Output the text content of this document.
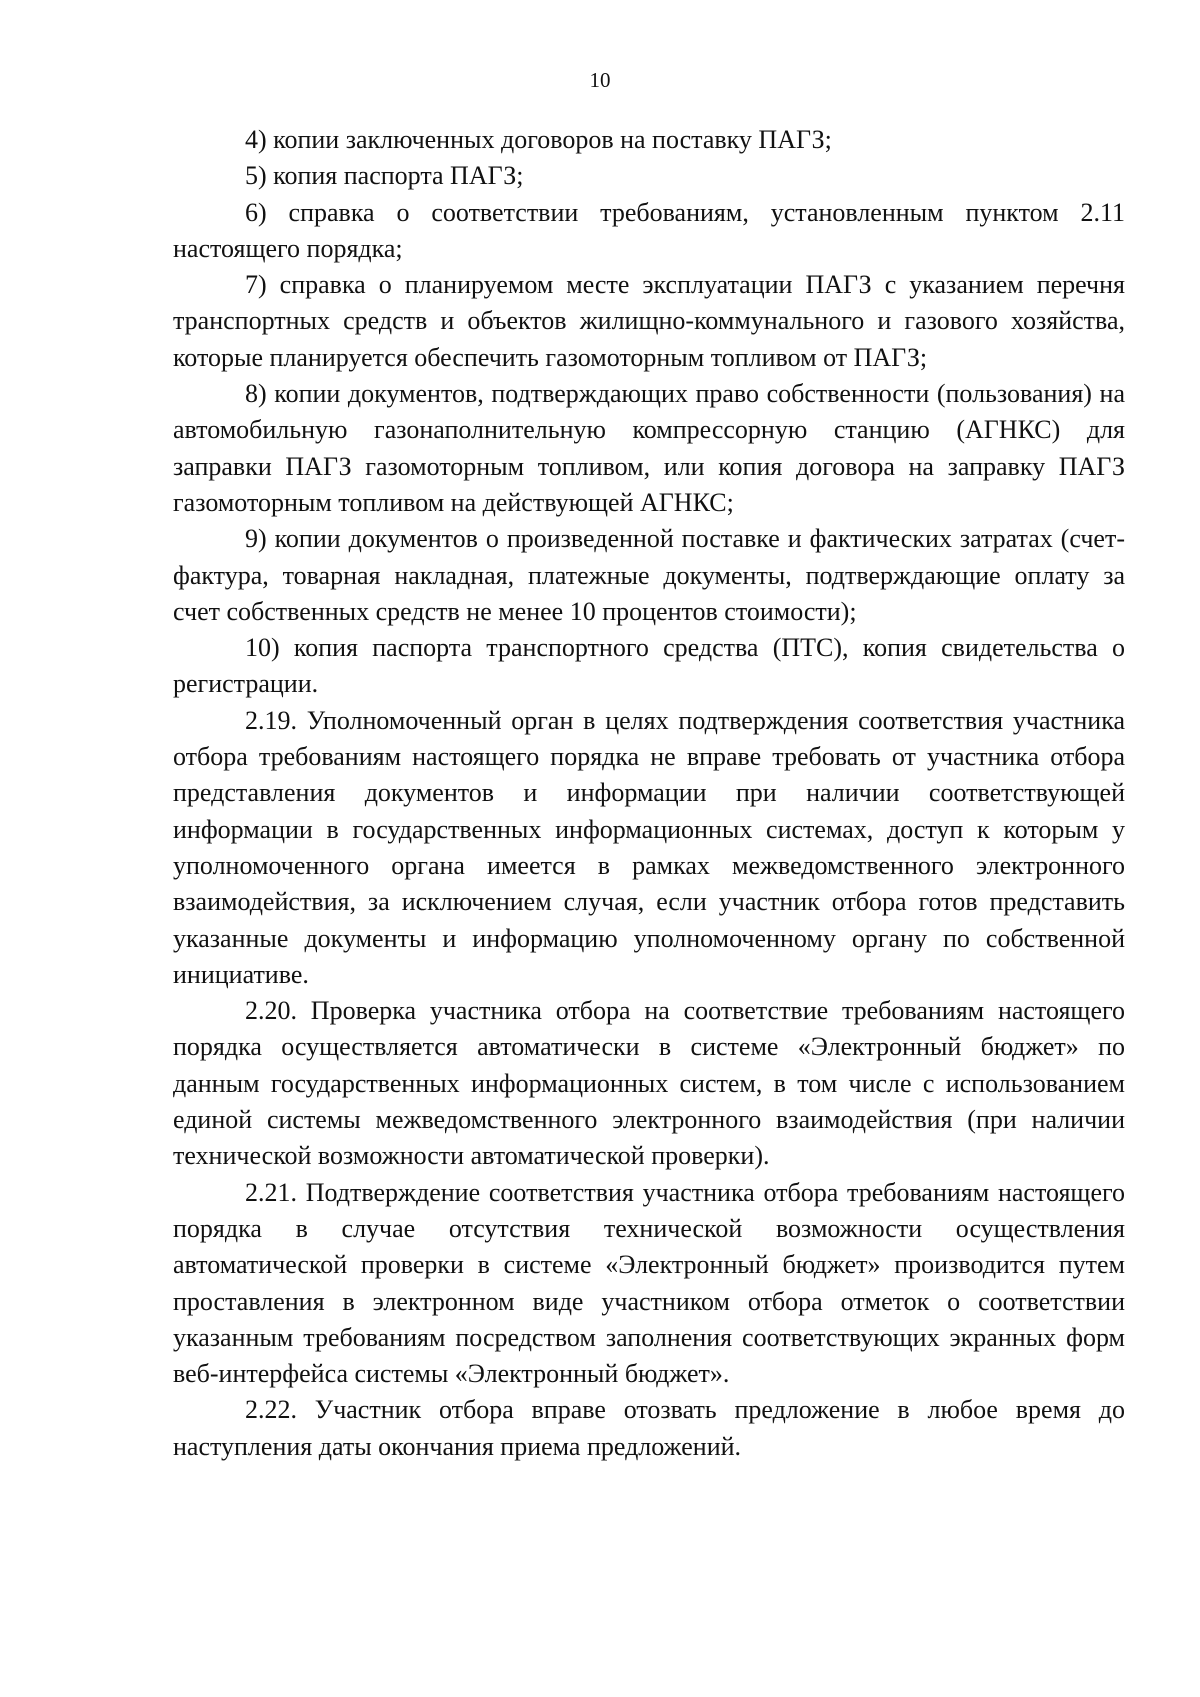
10

4) копии заключенных договоров на поставку ПАГЗ;

5) копия паспорта ПАГЗ;

6) справка о соответствии требованиям, установленным пунктом 2.11 настоящего порядка;

7) справка о планируемом месте эксплуатации ПАГЗ с указанием перечня транспортных средств и объектов жилищно-коммунального и газового хозяйства, которые планируется обеспечить газомоторным топливом от ПАГЗ;

8) копии документов, подтверждающих право собственности (пользования) на автомобильную газонаполнительную компрессорную станцию (АГНКС) для заправки ПАГЗ газомоторным топливом, или копия договора на заправку ПАГЗ газомоторным топливом на действующей АГНКС;

9) копии документов о произведенной поставке и фактических затратах (счет-фактура, товарная накладная, платежные документы, подтверждающие оплату за счет собственных средств не менее 10 процентов стоимости);

10) копия паспорта транспортного средства (ПТС), копия свидетельства о регистрации.

2.19. Уполномоченный орган в целях подтверждения соответствия участника отбора требованиям настоящего порядка не вправе требовать от участника отбора представления документов и информации при наличии соответствующей информации в государственных информационных системах, доступ к которым у уполномоченного органа имеется в рамках межведомственного электронного взаимодействия, за исключением случая, если участник отбора готов представить указанные документы и информацию уполномоченному органу по собственной инициативе.

2.20. Проверка участника отбора на соответствие требованиям настоящего порядка осуществляется автоматически в системе «Электронный бюджет» по данным государственных информационных систем, в том числе с использованием единой системы межведомственного электронного взаимодействия (при наличии технической возможности автоматической проверки).

2.21. Подтверждение соответствия участника отбора требованиям настоящего порядка в случае отсутствия технической возможности осуществления автоматической проверки в системе «Электронный бюджет» производится путем проставления в электронном виде участником отбора отметок о соответствии указанным требованиям посредством заполнения соответствующих экранных форм веб-интерфейса системы «Электронный бюджет».

2.22. Участник отбора вправе отозвать предложение в любое время до наступления даты окончания приема предложений.
